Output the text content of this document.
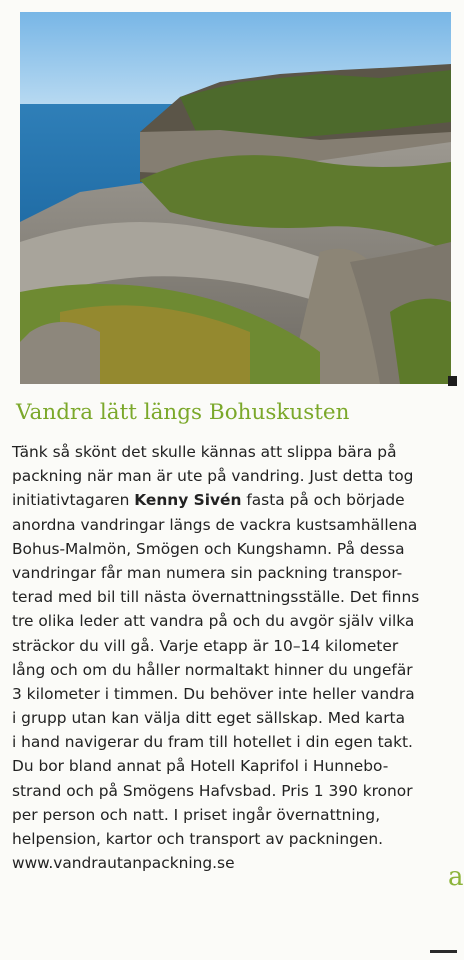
Vandra lätt längs Bohuskusten
Tänk så skönt det skulle kännas att slippa bära på
packning när man är ute på vandring. Just detta tog
initiativtagaren Kenny Sivén fasta på och började
anordna vandringar längs de vackra kustsamhällena
Bohus-Malmön, Smögen och Kungshamn. På dessa
vandringar får man numera sin packning transpor-
terad med bil till nästa övernattningsställe. Det finns
tre olika leder att vandra på och du avgör själv vilka
sträckor du vill gå. Varje etapp är 10–14 kilometer
lång och om du håller normaltakt hinner du ungefär
3 kilometer i timmen. Du behöver inte heller vandra
i grupp utan kan välja ditt eget sällskap. Med karta
i hand navigerar du fram till hotellet i din egen takt.
Du bor bland annat på Hotell Kaprifol i Hunnebo-
strand och på Smögens Hafvsbad. Pris 1 390 kronor
per person och natt. I priset ingår övernattning,
helpension, kartor och transport av packningen.
www.vandrautanpackning.se	a
